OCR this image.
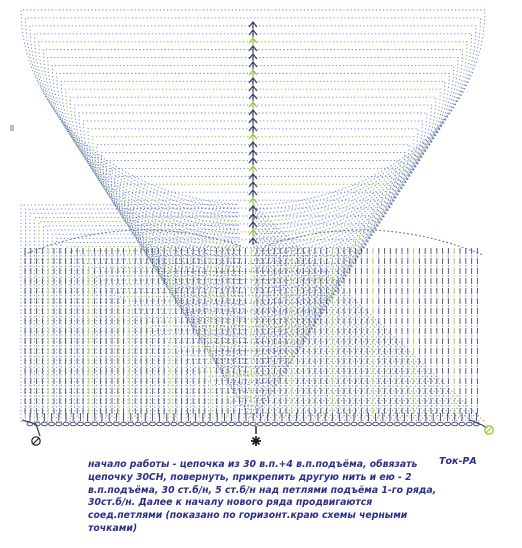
начало работы - цепочка из 30 в.п.+4 в.п.подъёма, обвязать
цепочку 30СН, повернуть, прикрепить другую нить и ею - 2
в.п.подъёма, 30 ст.б/н, 5 ст.б/н над петлями подъёма 1-го ряда,
30ст.б/н. Далее к началу нового ряда продвигаются
соед.петлями (показано по горизонт.краю схемы черными
точками)
Ток-РА
